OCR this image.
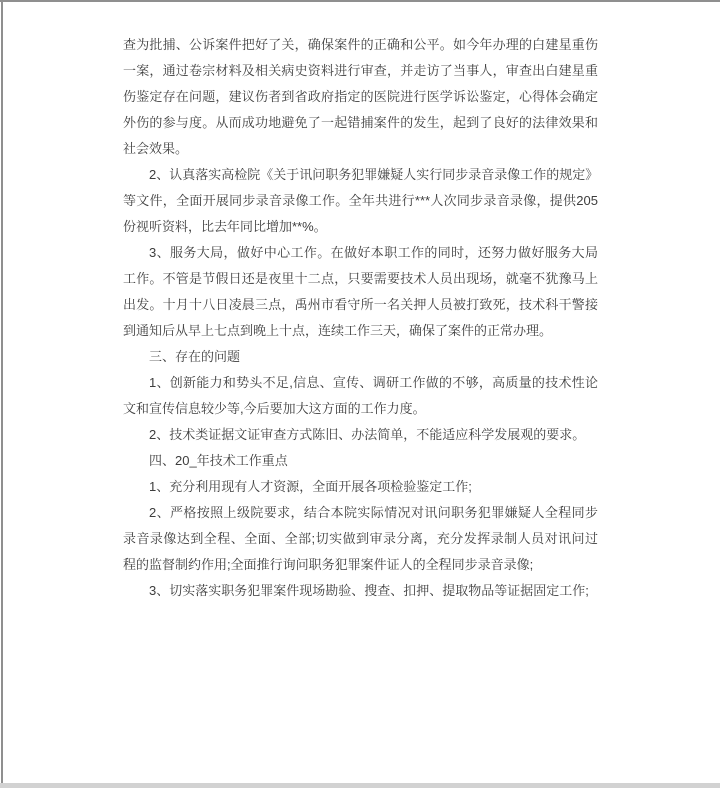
查为批捕、公诉案件把好了关，确保案件的正确和公平。如今年办理的白建星重伤
一案，通过卷宗材料及相关病史资料进行审查，并走访了当事人，审查出白建星重
伤鉴定存在问题，建议伤者到省政府指定的医院进行医学诉讼鉴定，心得体会确定
外伤的参与度。从而成功地避免了一起错捕案件的发生，起到了良好的法律效果和
社会效果。
2、认真落实高检院《关于讯问职务犯罪嫌疑人实行同步录音录像工作的规定》
等文件，全面开展同步录音录像工作。全年共进行***人次同步录音录像，提供205
份视听资料，比去年同比增加**%。
3、服务大局，做好中心工作。在做好本职工作的同时，还努力做好服务大局
工作。不管是节假日还是夜里十二点，只要需要技术人员出现场，就毫不犹豫马上
出发。十月十八日凌晨三点，禹州市看守所一名关押人员被打致死，技术科干警接
到通知后从早上七点到晚上十点，连续工作三天，确保了案件的正常办理。
三、存在的问题
1、创新能力和势头不足,信息、宣传、调研工作做的不够，高质量的技术性论
文和宣传信息较少等,今后要加大这方面的工作力度。
2、技术类证据文证审查方式陈旧、办法简单，不能适应科学发展观的要求。
四、20_年技术工作重点
1、充分利用现有人才资源，全面开展各项检验鉴定工作;
2、严格按照上级院要求，结合本院实际情况对讯问职务犯罪嫌疑人全程同步
录音录像达到全程、全面、全部;切实做到审录分离，充分发挥录制人员对讯问过
程的监督制约作用;全面推行询问职务犯罪案件证人的全程同步录音录像;
3、切实落实职务犯罪案件现场勘验、搜查、扣押、提取物品等证据固定工作;
